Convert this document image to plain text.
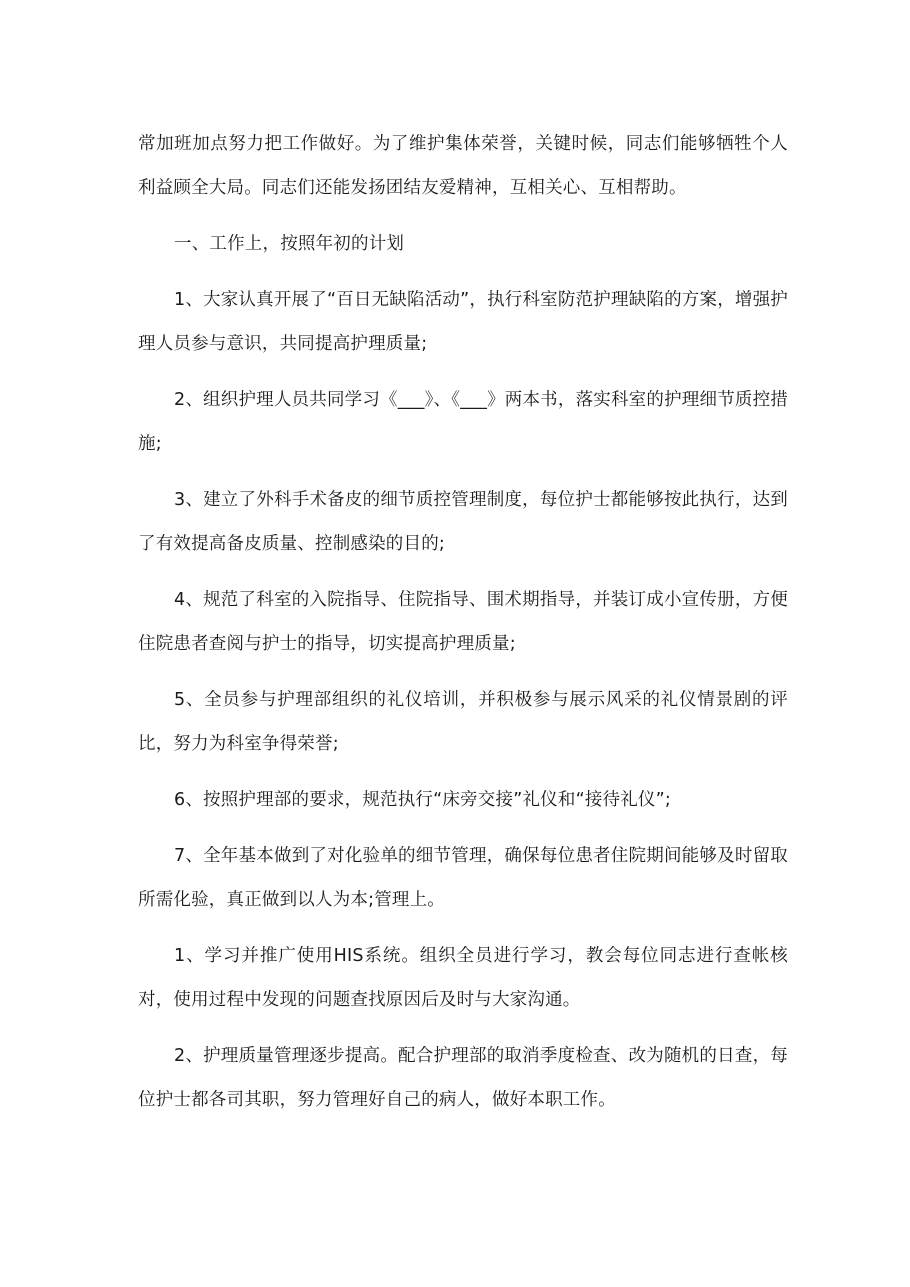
常加班加点努力把工作做好。为了维护集体荣誉，关键时候，同志们能够牺牲个人利益顾全大局。同志们还能发扬团结友爱精神，互相关心、互相帮助。

一、工作上，按照年初的计划

1、大家认真开展了“百日无缺陷活动”，执行科室防范护理缺陷的方案，增强护理人员参与意识，共同提高护理质量;

2、组织护理人员共同学习《___》、《___》两本书，落实科室的护理细节质控措施;

3、建立了外科手术备皮的细节质控管理制度，每位护士都能够按此执行，达到了有效提高备皮质量、控制感染的目的;

4、规范了科室的入院指导、住院指导、围术期指导，并装订成小宣传册，方便住院患者查阅与护士的指导，切实提高护理质量;

5、全员参与护理部组织的礼仪培训，并积极参与展示风采的礼仪情景剧的评比，努力为科室争得荣誉;

6、按照护理部的要求，规范执行“床旁交接”礼仪和“接待礼仪”;

7、全年基本做到了对化验单的细节管理，确保每位患者住院期间能够及时留取所需化验，真正做到以人为本;管理上。

1、学习并推广使用HIS系统。组织全员进行学习，教会每位同志进行查帐核对，使用过程中发现的问题查找原因后及时与大家沟通。

2、护理质量管理逐步提高。配合护理部的取消季度检查、改为随机的日查，每位护士都各司其职，努力管理好自己的病人，做好本职工作。
